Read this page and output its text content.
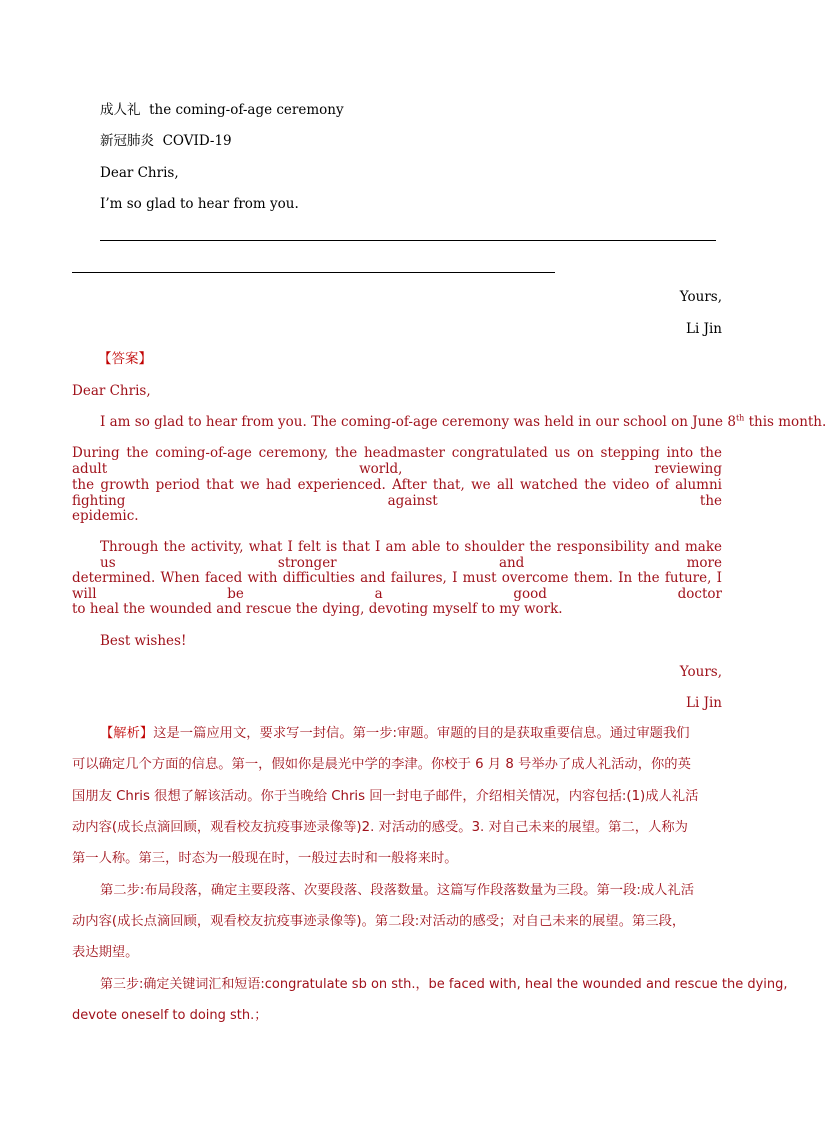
成人礼 the coming-of-age ceremony
新冠肺炎 COVID-19
Dear Chris,
I’m so glad to hear from you.
Yours,
Li Jin
【答案】
Dear Chris,
I am so glad to hear from you. The coming-of-age ceremony was held in our school on June 8th this month.
During the coming-of-age ceremony, the headmaster congratulated us on stepping into the adult world, reviewing
the growth period that we had experienced. After that, we all watched the video of alumni fighting against the
epidemic.
Through the activity, what I felt is that I am able to shoulder the responsibility and make us stronger and more
determined. When faced with difficulties and failures, I must overcome them. In the future, I will be a good doctor
to heal the wounded and rescue the dying, devoting myself to my work.
Best wishes!
Yours,
Li Jin
【解析】这是一篇应用文，要求写一封信。第一步:审题。审题的目的是获取重要信息。通过审题我们
可以确定几个方面的信息。第一，假如你是晨光中学的李津。你校于 6 月 8 号举办了成人礼活动，你的英
国朋友 Chris 很想了解该活动。你于当晚给 Chris 回一封电子邮件，介绍相关情况，内容包括:(1)成人礼活
动内容(成长点滴回顾，观看校友抗疫事迹录像等)2. 对活动的感受。3. 对自己未来的展望。第二，人称为
第一人称。第三，时态为一般现在时，一般过去时和一般将来时。
第二步:布局段落，确定主要段落、次要段落、段落数量。这篇写作段落数量为三段。第一段:成人礼活
动内容(成长点滴回顾，观看校友抗疫事迹录像等)。第二段:对活动的感受；对自己未来的展望。第三段，
表达期望。
第三步:确定关键词汇和短语:congratulate sb on sth.，be faced with, heal the wounded and rescue the dying,
devote oneself to doing sth.；
